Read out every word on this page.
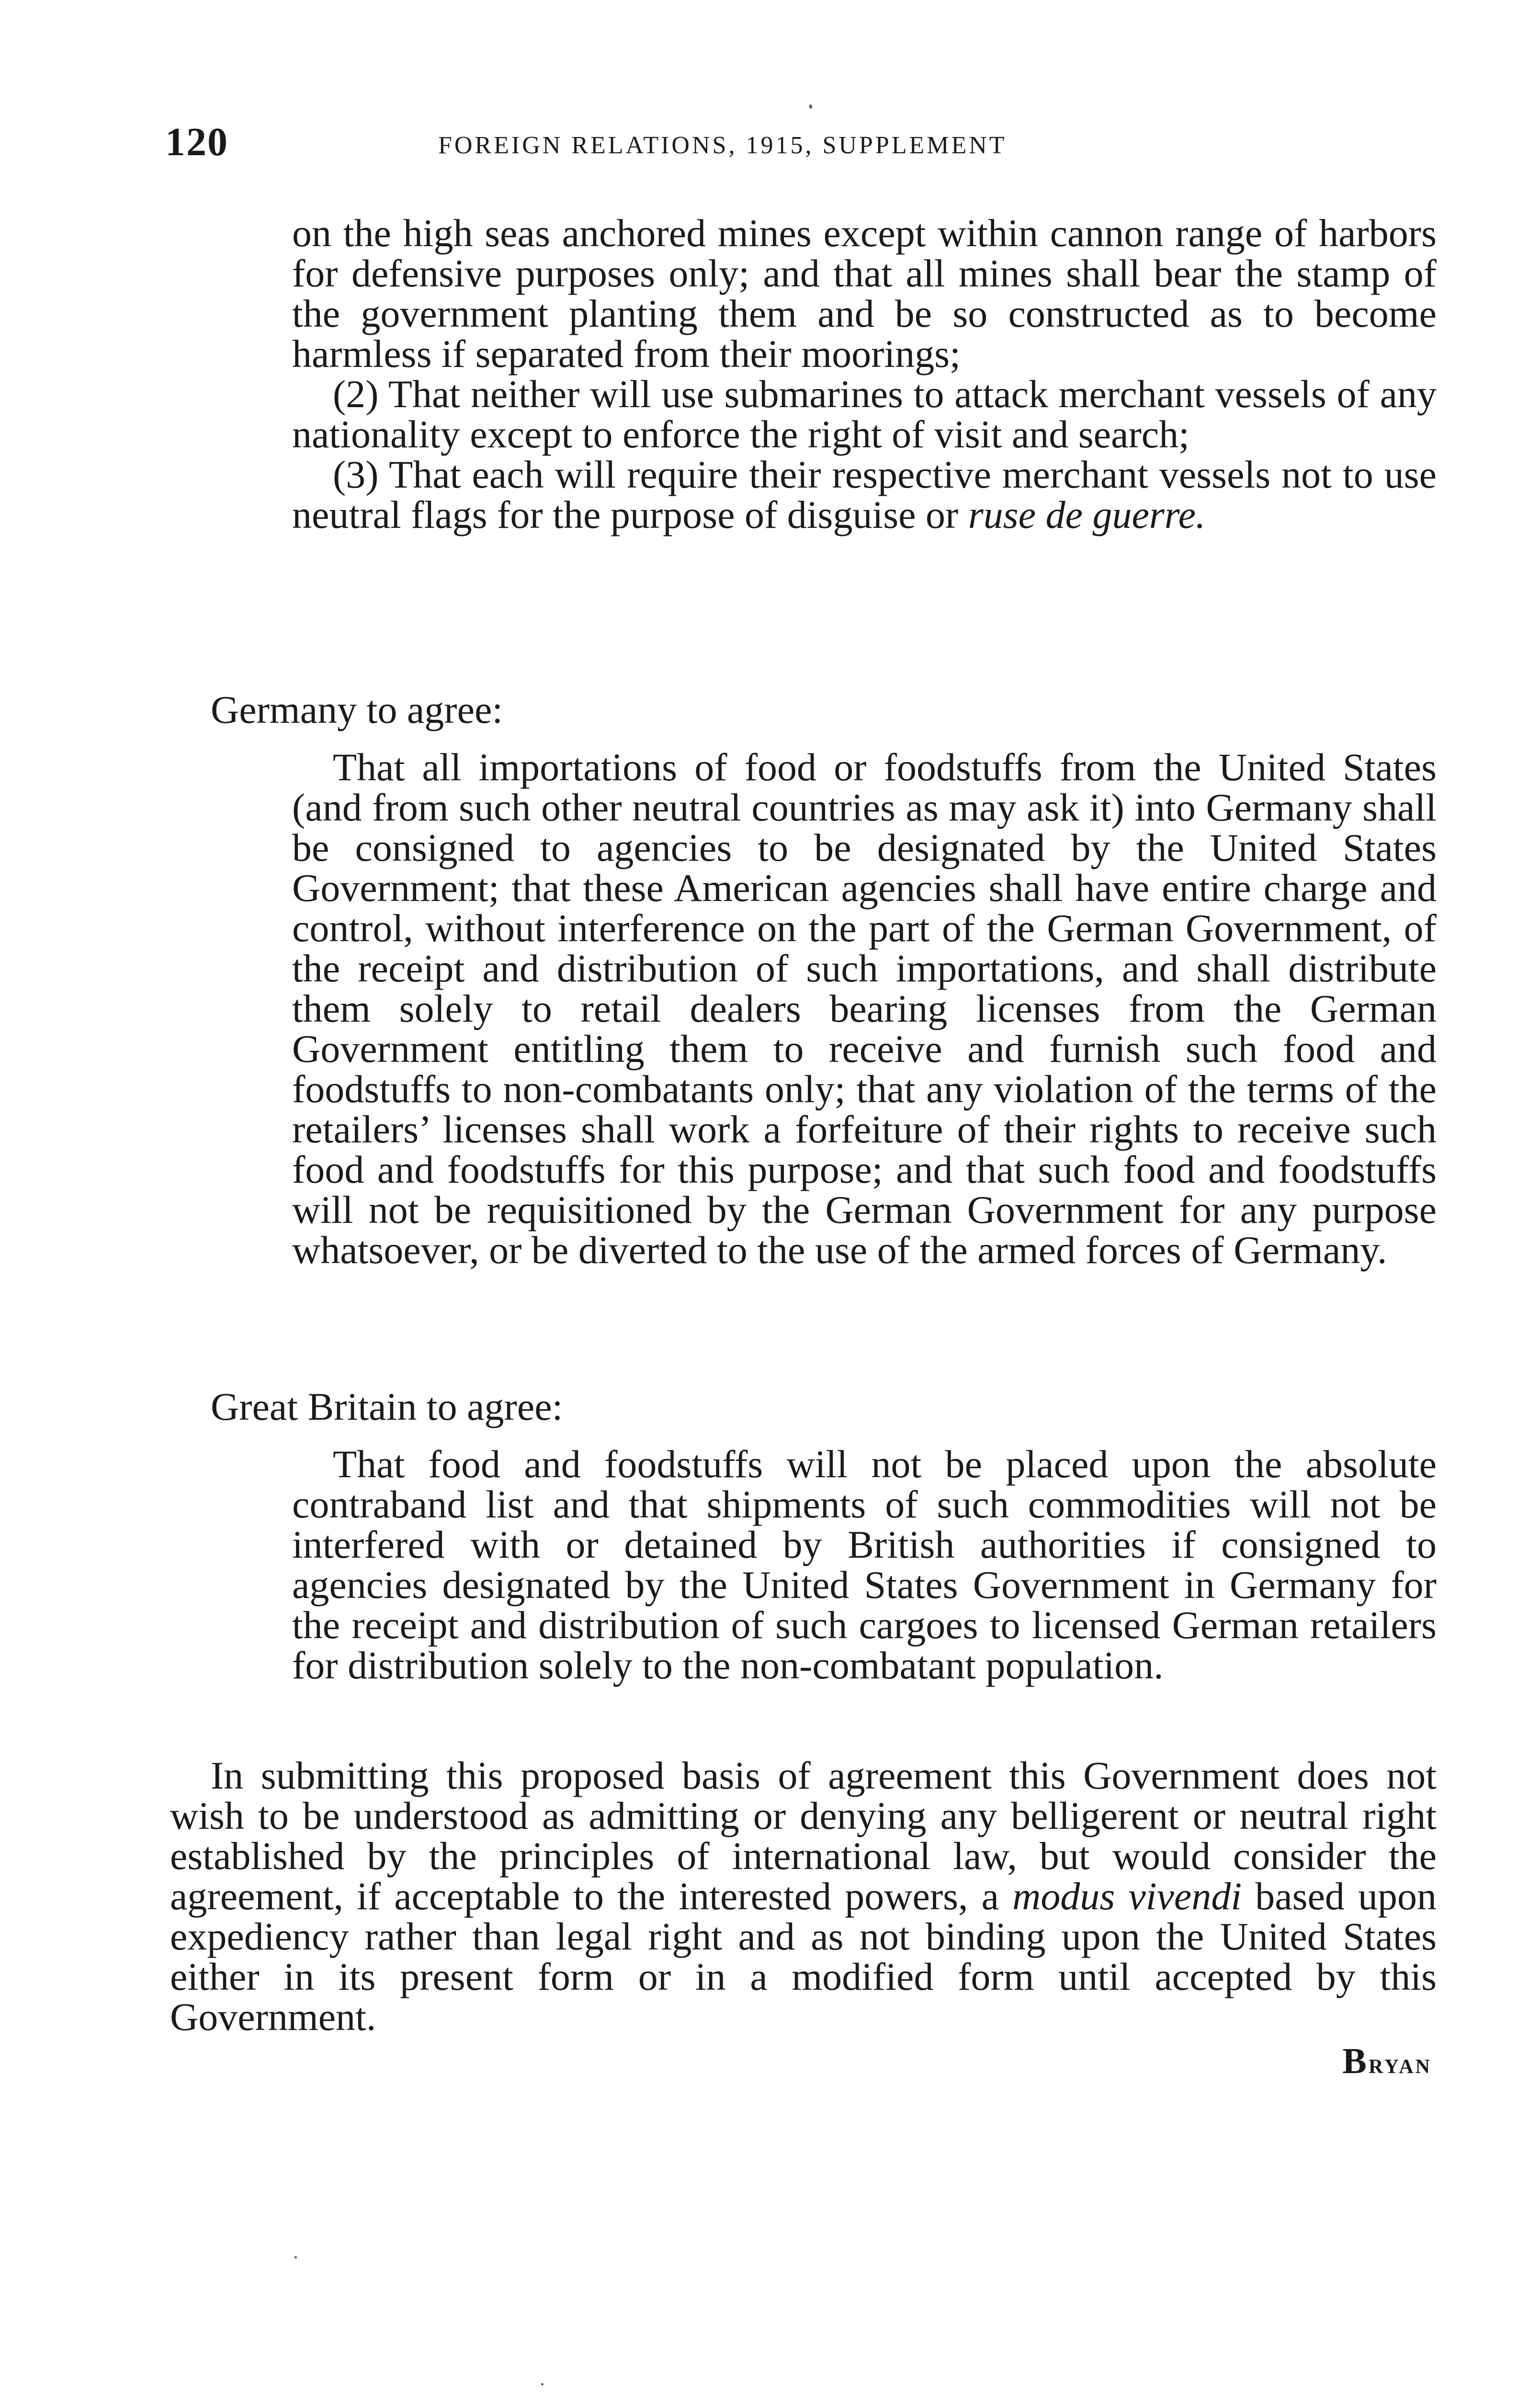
120	FOREIGN RELATIONS, 1915, SUPPLEMENT

on the high seas anchored mines except within cannon range of harbors for defensive purposes only; and that all mines shall bear the stamp of the government planting them and be so constructed as to become harmless if separated from their moorings;

(2) That neither will use submarines to attack merchant vessels of any nationality except to enforce the right of visit and search;

(3) That each will require their respective merchant vessels not to use neutral flags for the purpose of disguise or ruse de guerre.

Germany to agree:

That all importations of food or foodstuffs from the United States (and from such other neutral countries as may ask it) into Germany shall be consigned to agencies to be designated by the United States Government; that these American agencies shall have entire charge and control, without interference on the part of the German Government, of the receipt and distribution of such importations, and shall distribute them solely to retail dealers bearing licenses from the German Government entitling them to receive and furnish such food and foodstuffs to non-combatants only; that any violation of the terms of the retailers’ licenses shall work a forfeiture of their rights to receive such food and foodstuffs for this purpose; and that such food and foodstuffs will not be requisitioned by the German Government for any purpose whatsoever, or be diverted to the use of the armed forces of Germany.

Great Britain to agree:

That food and foodstuffs will not be placed upon the absolute contraband list and that shipments of such commodities will not be interfered with or detained by British authorities if consigned to agencies designated by the United States Government in Germany for the receipt and distribution of such cargoes to licensed German retailers for distribution solely to the non-combatant population.

In submitting this proposed basis of agreement this Government does not wish to be understood as admitting or denying any belligerent or neutral right established by the principles of international law, but would consider the agreement, if acceptable to the interested powers, a modus vivendi based upon expediency rather than legal right and as not binding upon the United States either in its present form or in a modified form until accepted by this Government.

Bryan
